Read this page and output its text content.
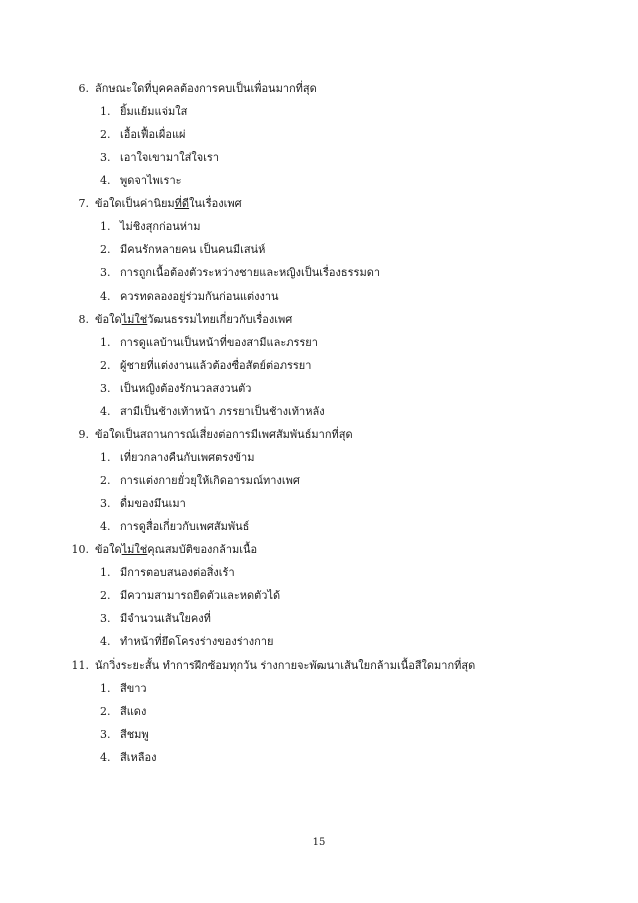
6. ลักษณะใดที่บุคคลต้องการคบเป็นเพื่อนมากที่สุด
1. ยิ้มแย้มแจ่มใส
2. เอื้อเฟื้อเผื่อแผ่
3. เอาใจเขามาใส่ใจเรา
4. พูดจาไพเราะ
7. ข้อใดเป็นค่านิยมที่ดีในเรื่องเพศ
1. ไม่ชิงสุกก่อนห่าม
2. มีคนรักหลายคน เป็นคนมีเสน่ห์
3. การถูกเนื้อต้องตัวระหว่างชายและหญิงเป็นเรื่องธรรมดา
4. ควรทดลองอยู่ร่วมกันก่อนแต่งงาน
8. ข้อใดไม่ใช่วัฒนธรรมไทยเกี่ยวกับเรื่องเพศ
1. การดูแลบ้านเป็นหน้าที่ของสามีและภรรยา
2. ผู้ชายที่แต่งงานแล้วต้องซื่อสัตย์ต่อภรรยา
3. เป็นหญิงต้องรักนวลสงวนตัว
4. สามีเป็นช้างเท้าหน้า ภรรยาเป็นช้างเท้าหลัง
9. ข้อใดเป็นสถานการณ์เสี่ยงต่อการมีเพศสัมพันธ์มากที่สุด
1. เที่ยวกลางคืนกับเพศตรงข้าม
2. การแต่งกายยั่วยุให้เกิดอารมณ์ทางเพศ
3. ดื่มของมึนเมา
4. การดูสื่อเกี่ยวกับเพศสัมพันธ์
10. ข้อใดไม่ใช่คุณสมบัติของกล้ามเนื้อ
1. มีการตอบสนองต่อสิ่งเร้า
2. มีความสามารถยืดตัวและหดตัวได้
3. มีจำนวนเส้นใยคงที่
4. ทำหน้าที่ยึดโครงร่างของร่างกาย
11. นักวิ่งระยะสั้น ทำการฝึกซ้อมทุกวัน ร่างกายจะพัฒนาเส้นใยกล้ามเนื้อสีใดมากที่สุด
1. สีขาว
2. สีแดง
3. สีชมพู
4. สีเหลือง
15
